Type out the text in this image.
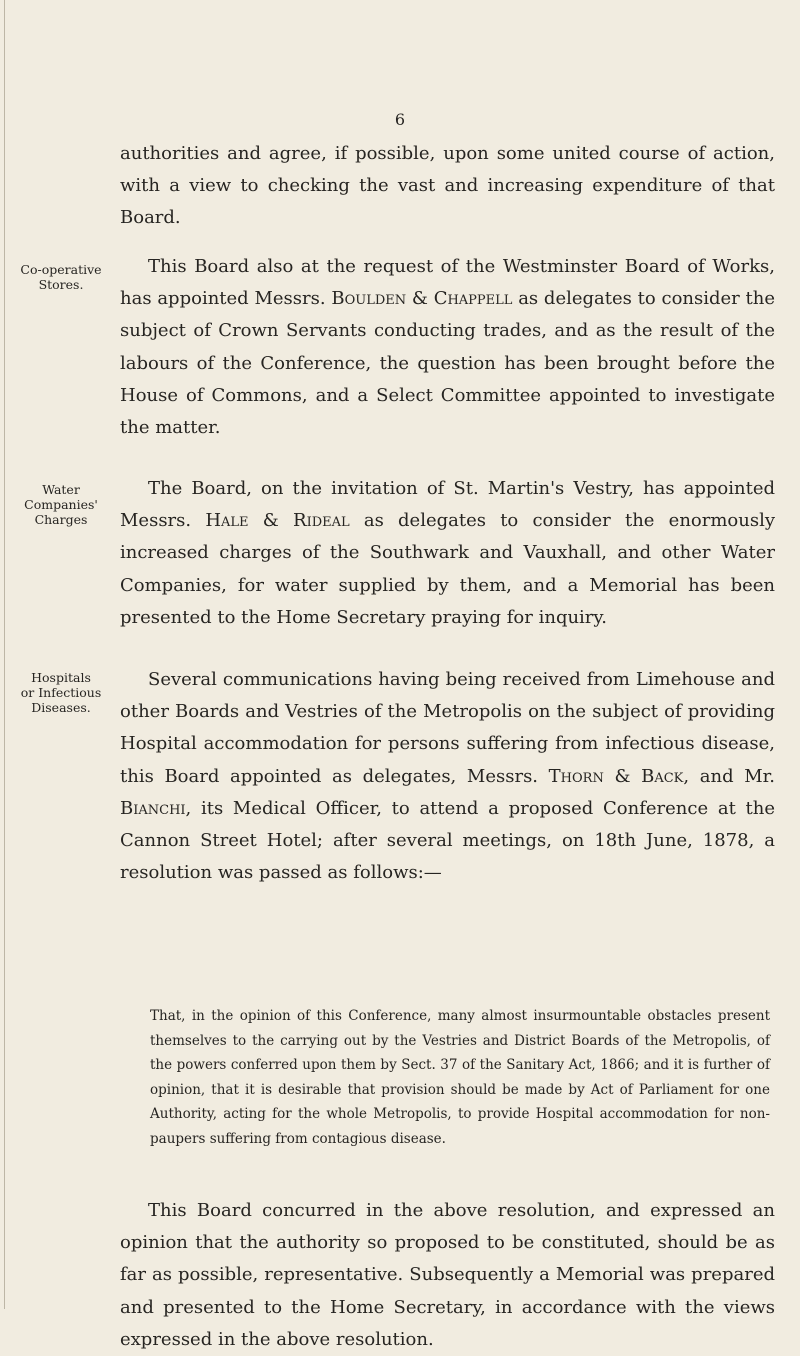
6

authorities and agree, if possible, upon some united course of action, with a view to checking the vast and increasing expenditure of that Board.

Co-operative
Stores.

This Board also at the request of the Westminster Board of Works, has appointed Messrs. Boulden & Chappell as delegates to consider the subject of Crown Servants conducting trades, and as the result of the labours of the Conference, the question has been brought before the House of Commons, and a Select Committee appointed to investigate the matter.

Water
Companies'
Charges

The Board, on the invitation of St. Martin's Vestry, has appointed Messrs. Hale & Rideal as delegates to consider the enormously increased charges of the Southwark and Vauxhall, and other Water Companies, for water supplied by them, and a Memorial has been presented to the Home Secretary praying for inquiry.

Hospitals
or Infectious
Diseases.

Several communications having being received from Limehouse and other Boards and Vestries of the Metropolis on the subject of providing Hospital accommodation for persons suffering from infectious disease, this Board appointed as delegates, Messrs. Thorn & Back, and Mr. Bianchi, its Medical Officer, to attend a proposed Conference at the Cannon Street Hotel; after several meetings, on 18th June, 1878, a resolution was passed as follows:—

That, in the opinion of this Conference, many almost insurmountable obstacles present themselves to the carrying out by the Vestries and District Boards of the Metropolis, of the powers conferred upon them by Sect. 37 of the Sanitary Act, 1866; and it is further of opinion, that it is desirable that provision should be made by Act of Parliament for one Authority, acting for the whole Metropolis, to provide Hospital accommodation for non-paupers suffering from contagious disease.

This Board concurred in the above resolution, and expressed an opinion that the authority so proposed to be constituted, should be as far as possible, representative. Subsequently a Memorial was prepared and presented to the Home Secretary, in accordance with the views expressed in the above resolution.
